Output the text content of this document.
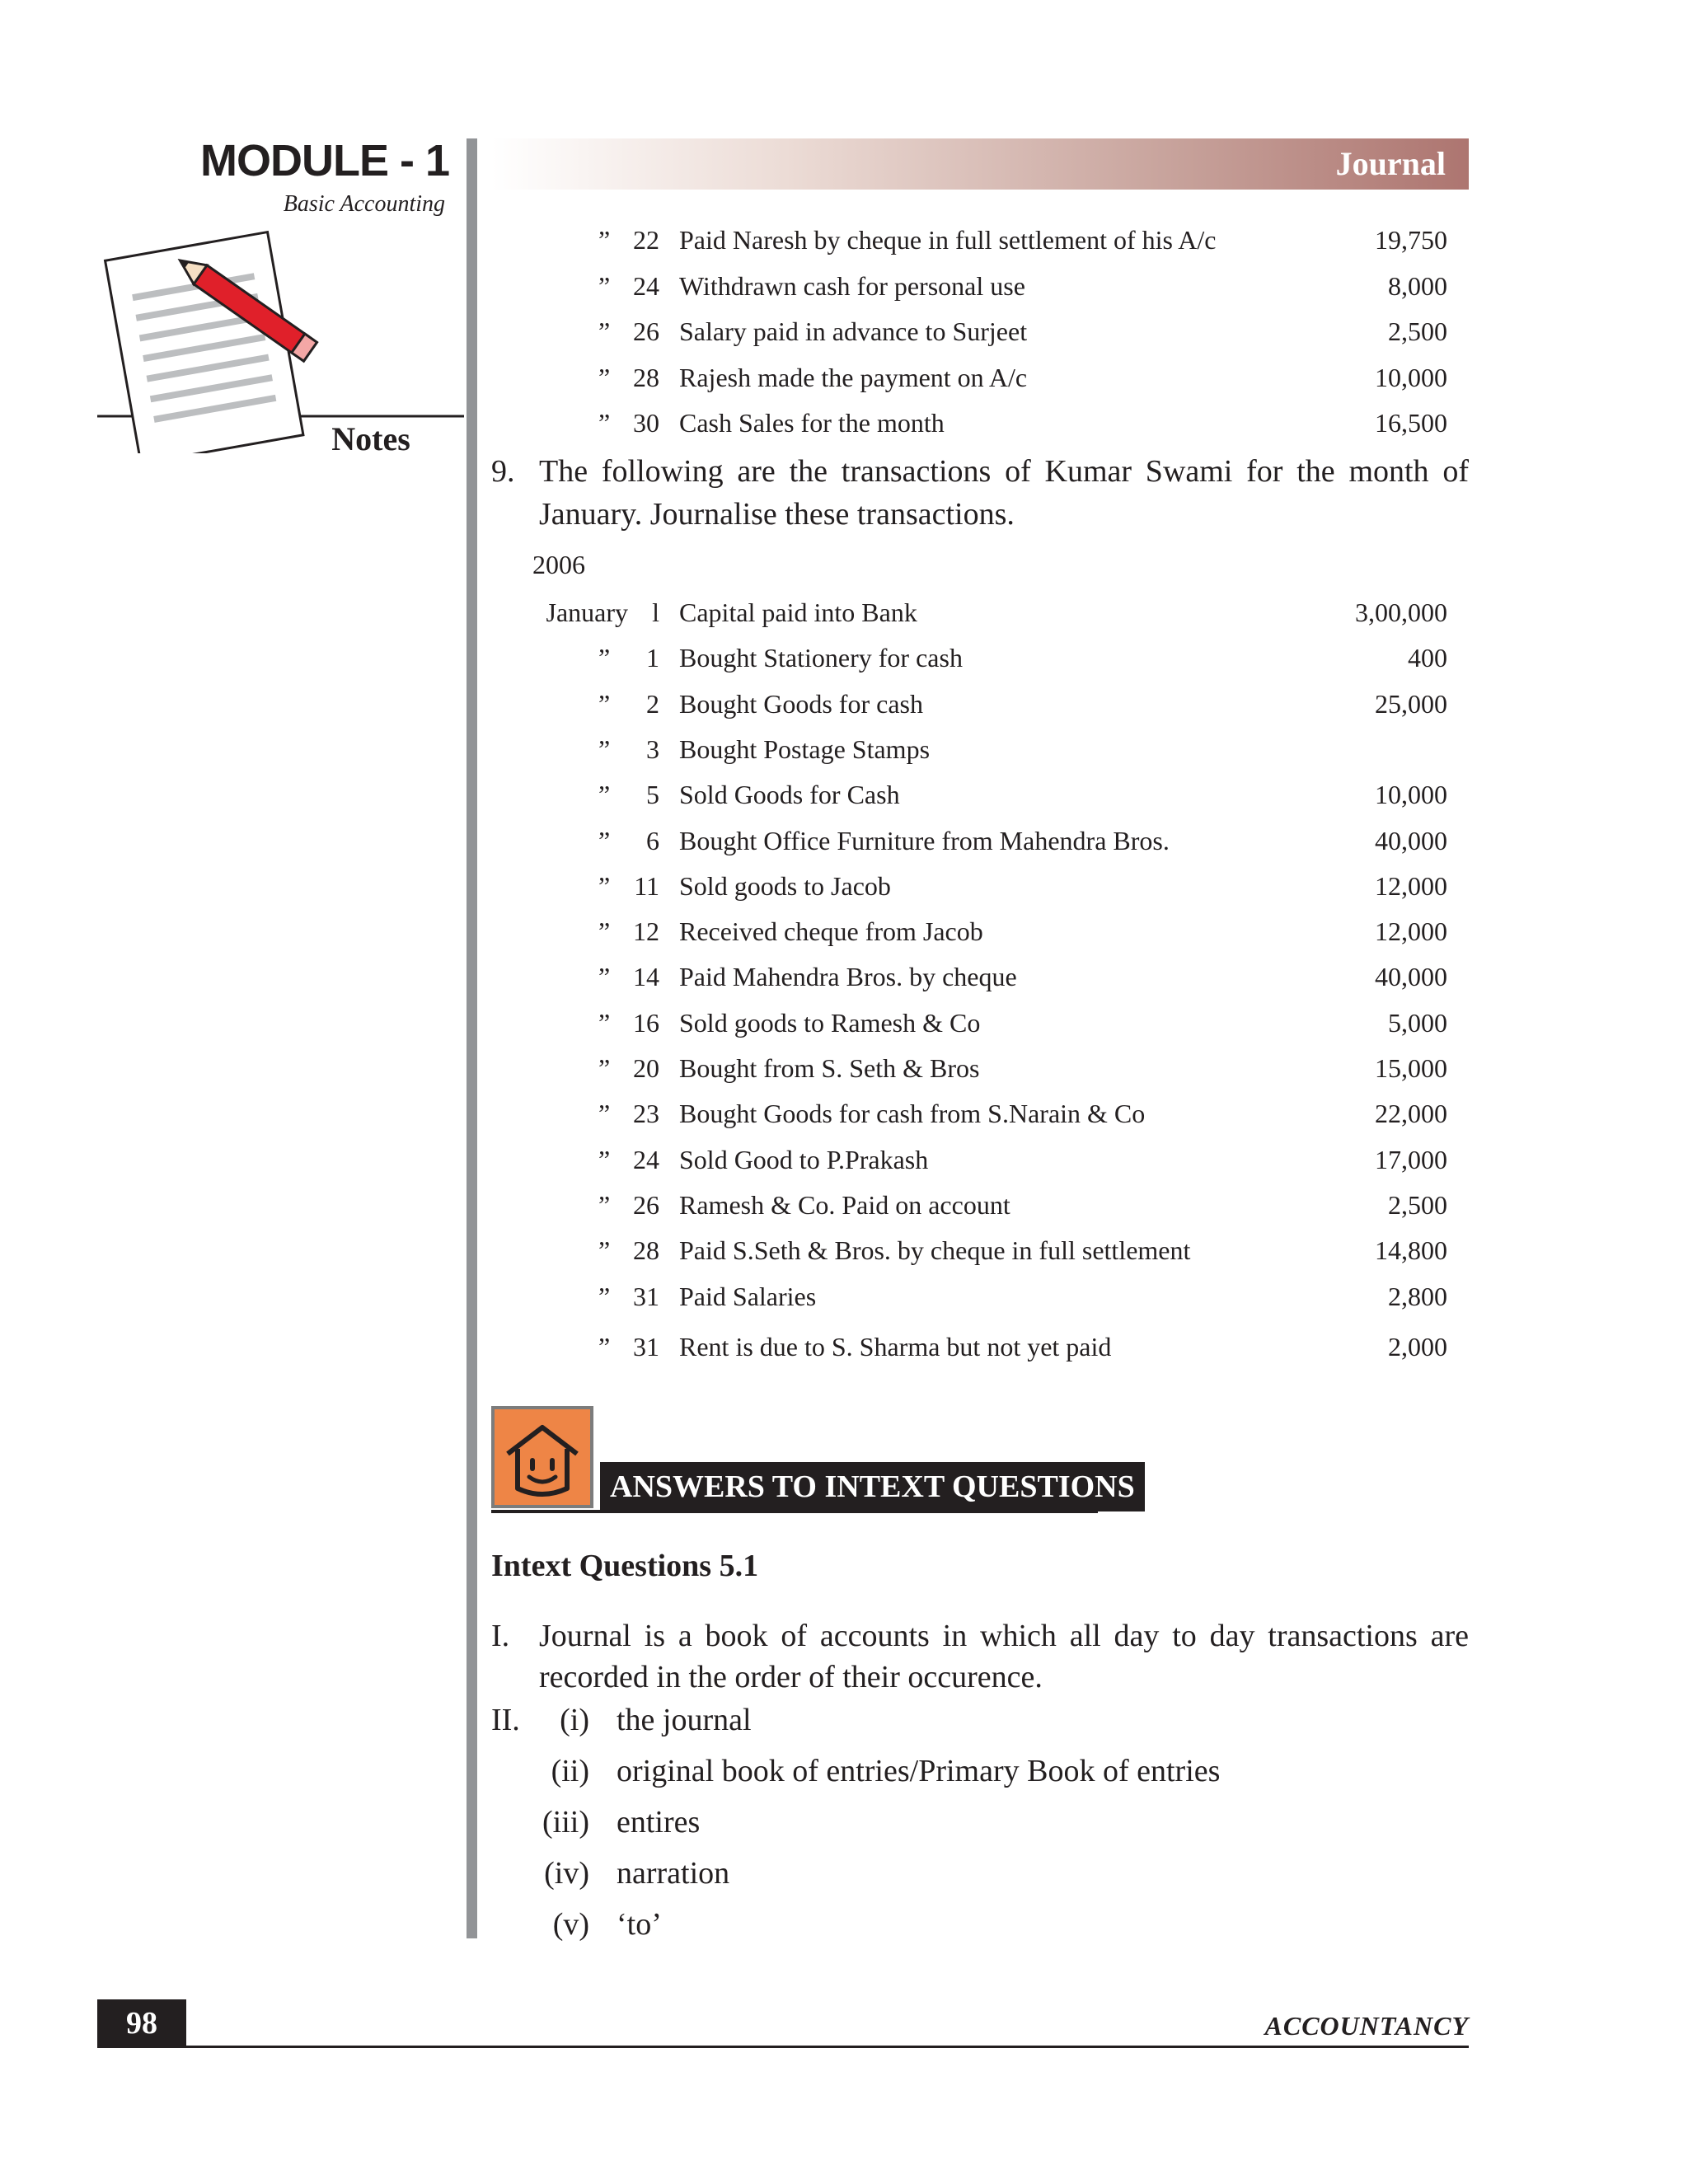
MODULE - 1
Basic Accounting
Notes
Journal
” 22 Paid Naresh by cheque in full settlement of his A/c	19,750
” 24 Withdrawn cash for personal use	8,000
” 26 Salary paid in advance to Surjeet	2,500
” 28 Rajesh made the payment on A/c	10,000
” 30 Cash Sales for the month	16,500
9. The following are the transactions of Kumar Swami for the month of January. Journalise these transactions.
2006
January l Capital paid into Bank	3,00,000
”	1 Bought Stationery for cash	400
”	2 Bought Goods for cash	25,000
”	3 Bought Postage Stamps
”	5 Sold Goods for Cash	10,000
”	6 Bought Office Furniture from Mahendra Bros.	40,000
” 11 Sold goods to Jacob	12,000
” 12 Received cheque from Jacob	12,000
” 14 Paid Mahendra Bros. by cheque	40,000
” 16 Sold goods to Ramesh & Co	5,000
” 20 Bought from S. Seth & Bros	15,000
” 23 Bought Goods for cash from S.Narain & Co	22,000
” 24 Sold Good to P.Prakash	17,000
” 26 Ramesh & Co. Paid on account	2,500
” 28 Paid S.Seth & Bros. by cheque in full settlement	14,800
” 31 Paid Salaries	2,800
” 31 Rent is due to S. Sharma but not yet paid	2,000
ANSWERS TO INTEXT QUESTIONS
Intext Questions 5.1
I. Journal is a book of accounts in which all day to day transactions are recorded in the order of their occurence.
II.	(i) the journal
(ii) original book of entries/Primary Book of entries
(iii) entires
(iv) narration
(v) ‘to’
98	ACCOUNTANCY
